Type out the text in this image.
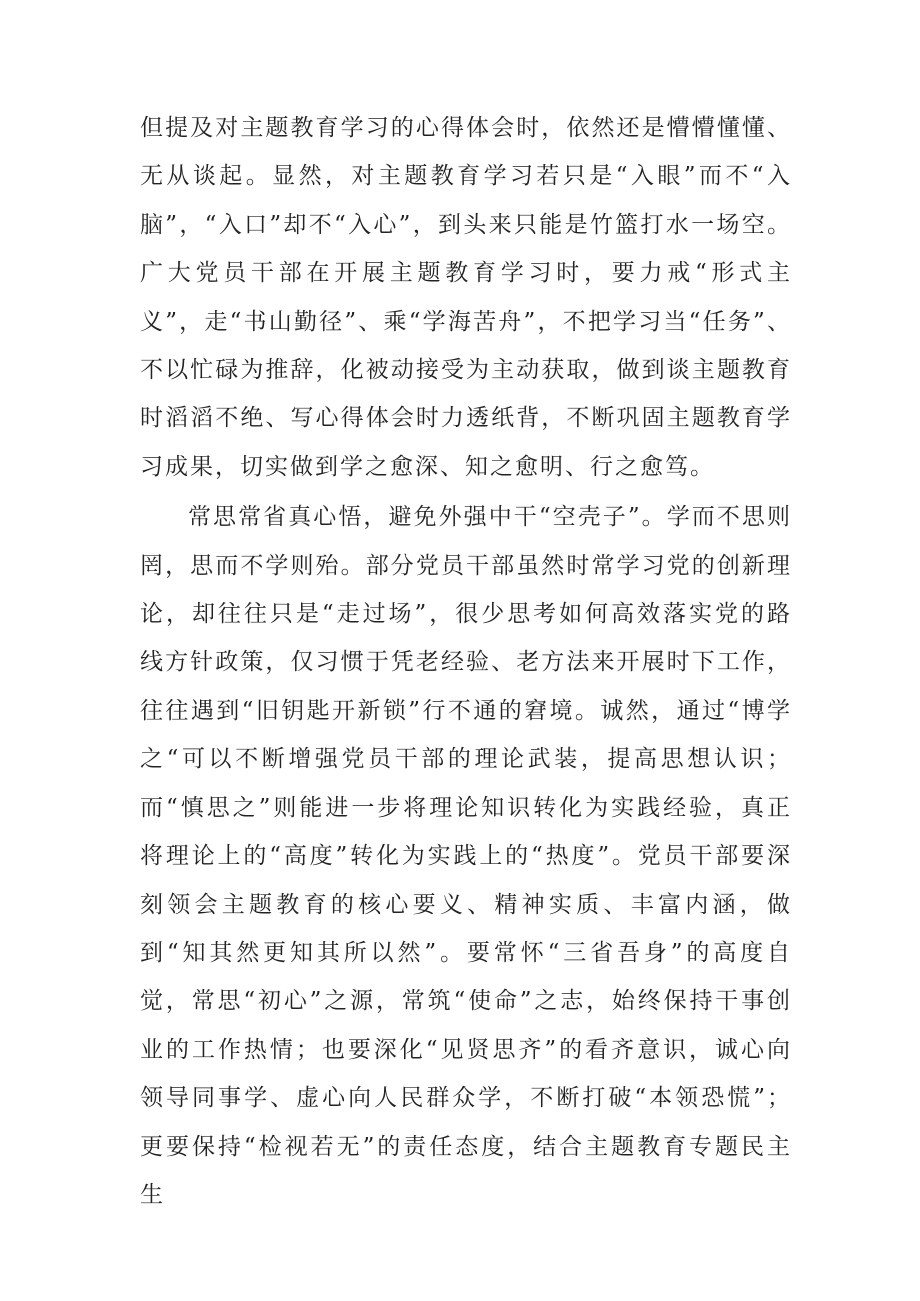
但提及对主题教育学习的心得体会时，依然还是懵懵懂懂、无从谈起。显然，对主题教育学习若只是“入眼”而不“入脑”，“入口”却不“入心”，到头来只能是竹篮打水一场空。广大党员干部在开展主题教育学习时，要力戒“形式主义”，走“书山勤径”、乘“学海苦舟”，不把学习当“任务”、不以忙碌为推辞，化被动接受为主动获取，做到谈主题教育时滔滔不绝、写心得体会时力透纸背，不断巩固主题教育学习成果，切实做到学之愈深、知之愈明、行之愈笃。

常思常省真心悟，避免外强中干“空壳子”。学而不思则罔，思而不学则殆。部分党员干部虽然时常学习党的创新理论，却往往只是“走过场”，很少思考如何高效落实党的路线方针政策，仅习惯于凭老经验、老方法来开展时下工作，往往遇到“旧钥匙开新锁”行不通的窘境。诚然，通过“博学之“可以不断增强党员干部的理论武装，提高思想认识；而“慎思之”则能进一步将理论知识转化为实践经验，真正将理论上的“高度”转化为实践上的“热度”。党员干部要深刻领会主题教育的核心要义、精神实质、丰富内涵，做到“知其然更知其所以然”。要常怀“三省吾身”的高度自觉，常思“初心”之源，常筑“使命”之志，始终保持干事创业的工作热情；也要深化“见贤思齐”的看齐意识，诚心向领导同事学、虚心向人民群众学，不断打破“本领恐慌”；更要保持“检视若无”的责任态度，结合主题教育专题民主生
